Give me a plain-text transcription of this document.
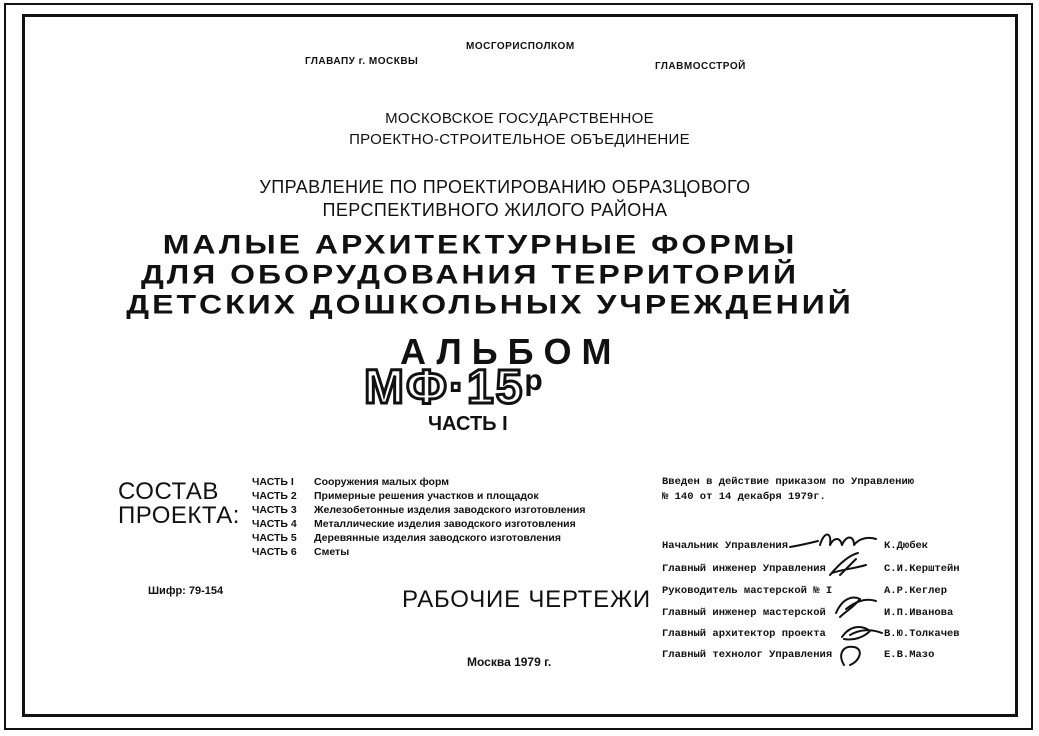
МОСГОРИСПОЛКОМ
ГЛАВАПУ г. МОСКВЫ	ГЛАВМОССТРОЙ
МОСКОВСКОЕ ГОСУДАРСТВЕННОЕ
ПРОЕКТНО-СТРОИТЕЛЬНОЕ ОБЪЕДИНЕНИЕ
УПРАВЛЕНИЕ ПО ПРОЕКТИРОВАНИЮ ОБРАЗЦОВОГО
ПЕРСПЕКТИВНОГО ЖИЛОГО РАЙОНА
МАЛЫЕ АРХИТЕКТУРНЫЕ ФОРМЫ
ДЛЯ ОБОРУДОВАНИЯ ТЕРРИТОРИЙ
ДЕТСКИХ ДОШКОЛЬНЫХ УЧРЕЖДЕНИЙ
АЛЬБОМ
$МФ\cdot 15^р$
ЧАСТЬ I
СОСТАВ
ПРОЕКТА:
ЧАСТЬ I Сооружения малых форм
ЧАСТЬ 2 Примерные решения участков и площадок
ЧАСТЬ 3 Железобетонные изделия заводского изготовления
ЧАСТЬ 4 Металлические изделия заводского изготовления
ЧАСТЬ 5 Деревянные изделия заводского изготовления
ЧАСТЬ 6 Сметы
Шифр: 79-154	РАБОЧИЕ ЧЕРТЕЖИ
Москва 1979 г.
Введен в действие приказом по Управлению
№ 140 от 14 декабря 1979г.
Начальник Управления	К.Дюбек
Главный инженер Управления	С.И.Керштейн
Руководитель мастерской № I	А.Р.Кеглер
Главный инженер мастерской	И.П.Иванова
Главный архитектор проекта	В.Ю.Толкачев
Главный технолог Управления	Е.В.Мазо
